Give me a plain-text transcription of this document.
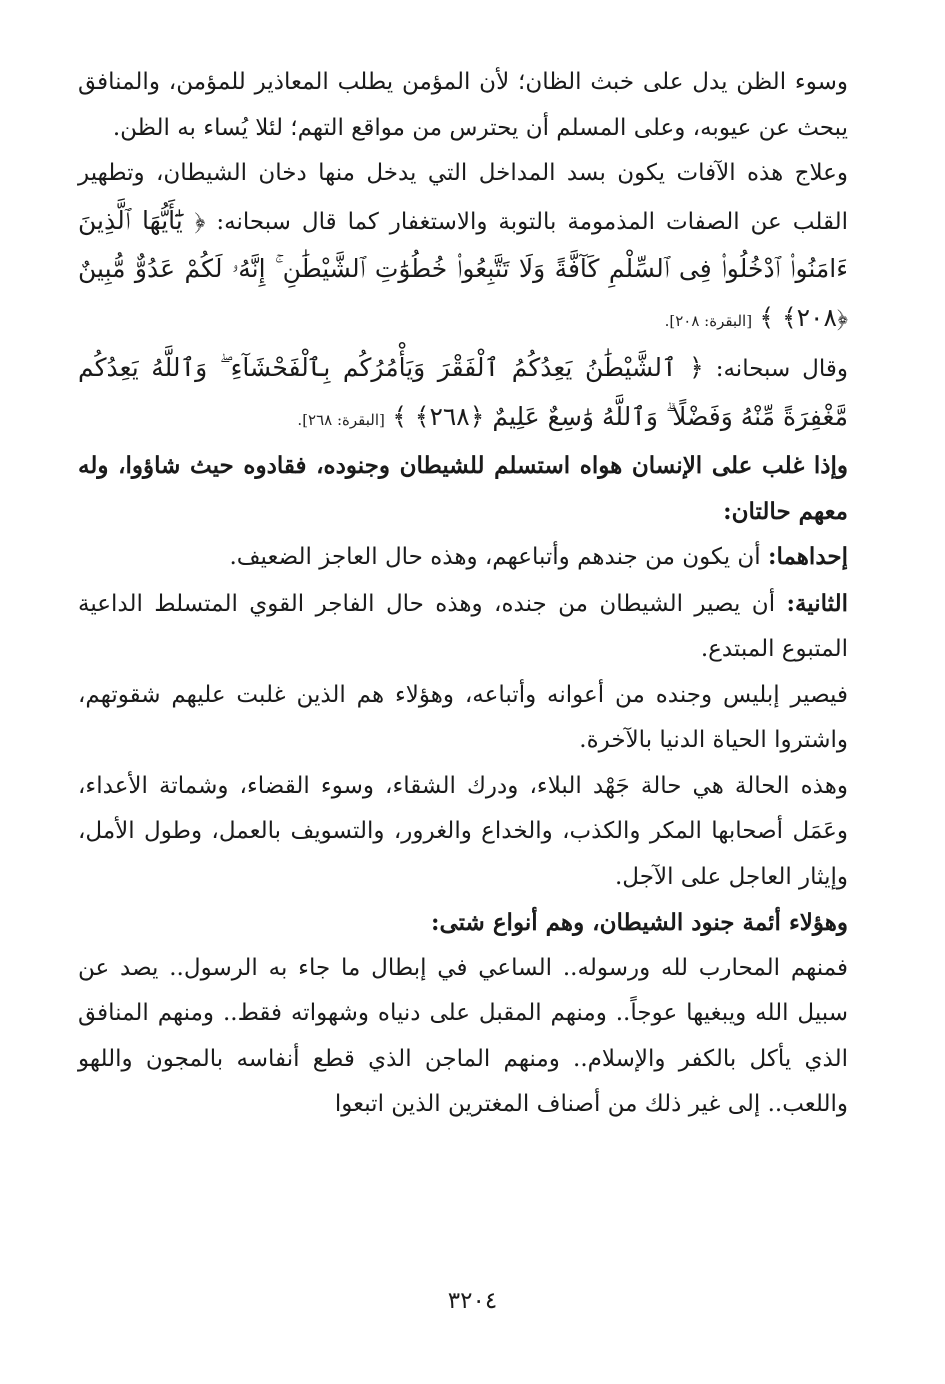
وسوء الظن يدل على خبث الظان؛ لأن المؤمن يطلب المعاذير للمؤمن، والمنافق يبحث عن عيوبه، وعلى المسلم أن يحترس من مواقع التهم؛ لئلا يُساء به الظن.

وعلاج هذه الآفات يكون بسد المداخل التي يدخل منها دخان الشيطان، وتطهير القلب عن الصفات المذمومة بالتوبة والاستغفار كما قال سبحانه: ﴿ يَٰٓأَيُّهَا ٱلَّذِينَ ءَامَنُوا۟ ٱدْخُلُوا۟ فِى ٱلسِّلْمِ كَآفَّةً وَلَا تَتَّبِعُوا۟ خُطُوَٰتِ ٱلشَّيْطَٰنِ ۚ إِنَّهُۥ لَكُمْ عَدُوٌّ مُّبِينٌ ﴿٢٠٨﴾ ﴾ [البقرة: ٢٠٨].

وقال سبحانه: ﴿ ٱلشَّيْطَٰنُ يَعِدُكُمُ ٱلْفَقْرَ وَيَأْمُرُكُم بِٱلْفَحْشَآءِ ۖ وَٱللَّهُ يَعِدُكُم مَّغْفِرَةً مِّنْهُ وَفَضْلًا ۗ وَٱللَّهُ وَٰسِعٌ عَلِيمٌ ﴿٢٦٨﴾ ﴾ [البقرة: ٢٦٨].

وإذا غلب على الإنسان هواه استسلم للشيطان وجنوده، فقادوه حيث شاؤوا، وله معهم حالتان:

إحداهما: أن يكون من جندهم وأتباعهم، وهذه حال العاجز الضعيف.

الثانية: أن يصير الشيطان من جنده، وهذه حال الفاجر القوي المتسلط الداعية المتبوع المبتدع.

فيصير إبليس وجنده من أعوانه وأتباعه، وهؤلاء هم الذين غلبت عليهم شقوتهم، واشتروا الحياة الدنيا بالآخرة.

وهذه الحالة هي حالة جَهْد البلاء، ودرك الشقاء، وسوء القضاء، وشماتة الأعداء، وعَمَل أصحابها المكر والكذب، والخداع والغرور، والتسويف بالعمل، وطول الأمل، وإيثار العاجل على الآجل.

وهؤلاء أئمة جنود الشيطان، وهم أنواع شتى:

فمنهم المحارب لله ورسوله.. الساعي في إبطال ما جاء به الرسول.. يصد عن سبيل الله ويبغيها عوجاً.. ومنهم المقبل على دنياه وشهواته فقط.. ومنهم المنافق الذي يأكل بالكفر والإسلام.. ومنهم الماجن الذي قطع أنفاسه بالمجون واللهو واللعب.. إلى غير ذلك من أصناف المغترين الذين اتبعوا

٣٢٠٤
